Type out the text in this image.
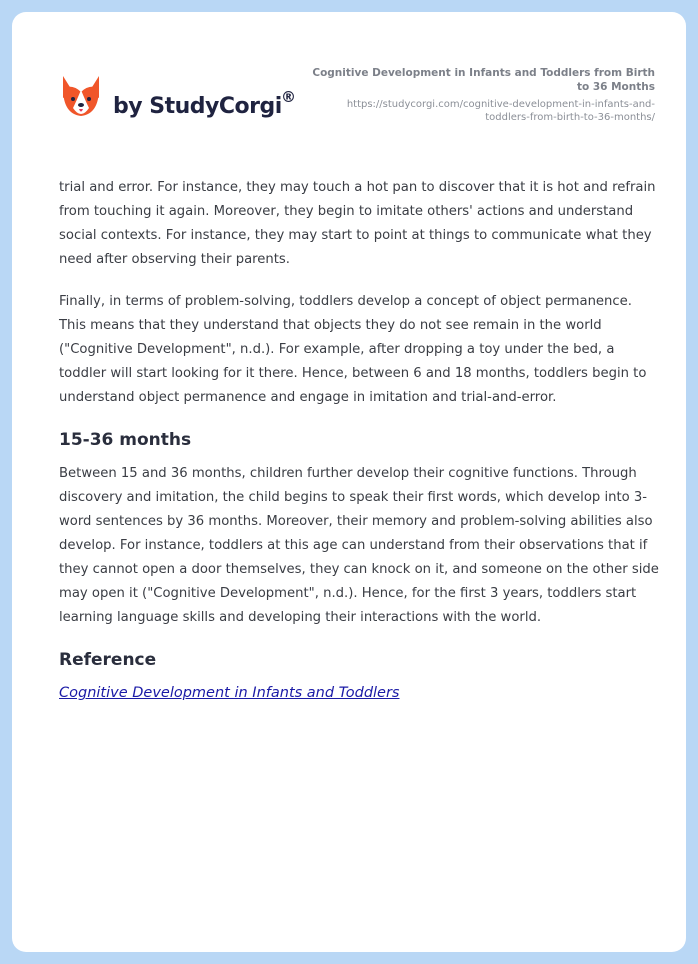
by StudyCorgi ®
Cognitive Development in Infants and Toddlers from Birth to 36 Months
https://studycorgi.com/cognitive-development-in-infants-and-toddlers-from-birth-to-36-months/

trial and error. For instance, they may touch a hot pan to discover that it is hot and refrain from touching it again. Moreover, they begin to imitate others' actions and understand social contexts. For instance, they may start to point at things to communicate what they need after observing their parents.

Finally, in terms of problem-solving, toddlers develop a concept of object permanence. This means that they understand that objects they do not see remain in the world ("Cognitive Development", n.d.). For example, after dropping a toy under the bed, a toddler will start looking for it there. Hence, between 6 and 18 months, toddlers begin to understand object permanence and engage in imitation and trial-and-error.

15-36 months

Between 15 and 36 months, children further develop their cognitive functions. Through discovery and imitation, the child begins to speak their first words, which develop into 3-word sentences by 36 months. Moreover, their memory and problem-solving abilities also develop. For instance, toddlers at this age can understand from their observations that if they cannot open a door themselves, they can knock on it, and someone on the other side may open it ("Cognitive Development", n.d.). Hence, for the first 3 years, toddlers start learning language skills and developing their interactions with the world.

Reference
Cognitive Development in Infants and Toddlers
